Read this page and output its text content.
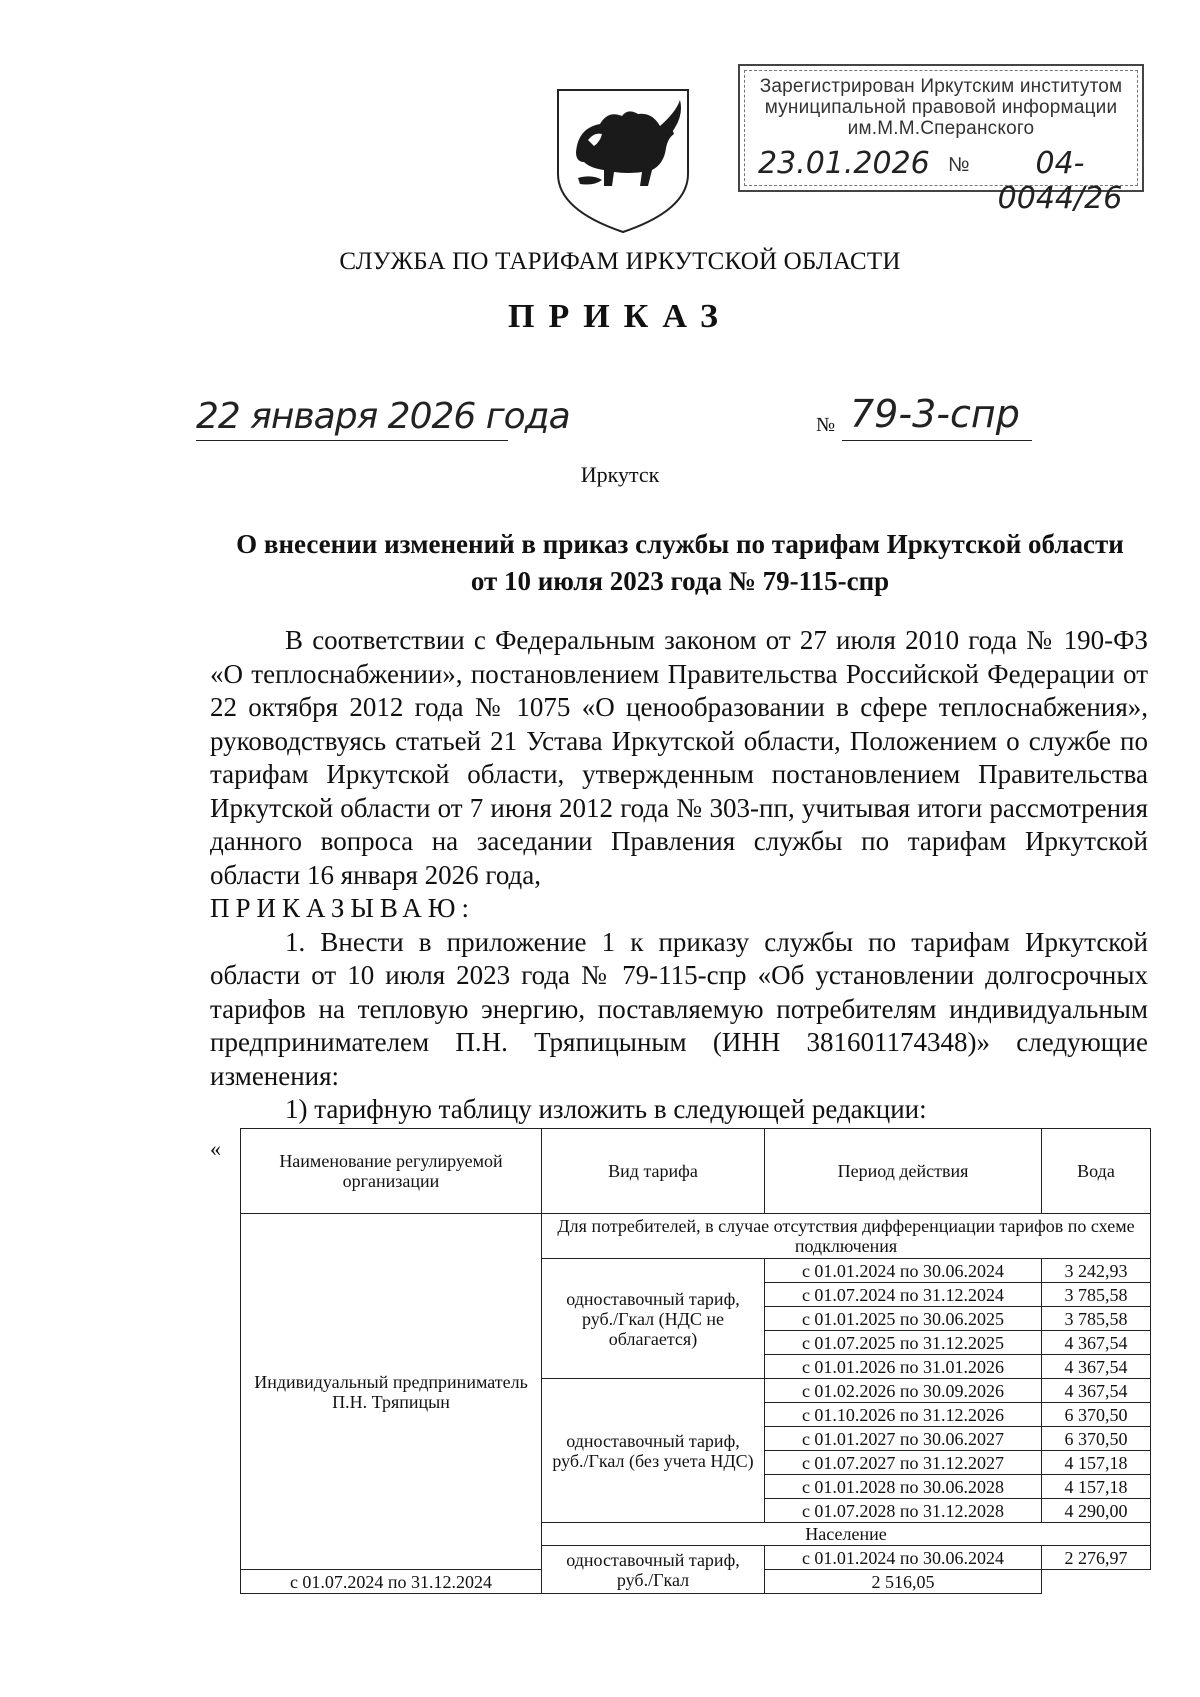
Зарегистрирован Иркутским институтом
муниципальной правовой информации
им.М.М.Сперанского
23.01.2026 №	04-0044/26
СЛУЖБА ПО ТАРИФАМ ИРКУТСКОЙ ОБЛАСТИ
ПРИКАЗ
22 января 2026 года	№ 79-3-спр
Иркутск
О внесении изменений в приказ службы по тарифам Иркутской области
от 10 июля 2023 года № 79-115-спр

В соответствии с Федеральным законом от 27 июля 2010 года № 190-ФЗ «О теплоснабжении», постановлением Правительства Российской Федерации от 22 октября 2012 года № 1075 «О ценообразовании в сфере теплоснабжения», руководствуясь статьей 21 Устава Иркутской области, Положением о службе по тарифам Иркутской области, утвержденным постановлением Правительства Иркутской области от 7 июня 2012 года № 303-пп, учитывая итоги рассмотрения данного вопроса на заседании Правления службы по тарифам Иркутской области 16 января 2026 года,

ПРИКАЗЫВАЮ:

1. Внести в приложение 1 к приказу службы по тарифам Иркутской области от 10 июля 2023 года № 79-115-спр «Об установлении долгосрочных тарифов на тепловую энергию, поставляемую потребителям индивидуальным предпринимателем П.Н. Тряпицыным (ИНН 381601174348)» следующие изменения:

1) тарифную таблицу изложить в следующей редакции:

«	Наименование регулируемой организации	Вид тарифа	Период действия	Вода
Индивидуальный предприниматель П.Н. Тряпицын	Для потребителей, в случае отсутствия дифференциации тарифов по схеме подключения		
	одноставочный тариф, руб./Гкал (НДС не облагается)	с 01.01.2024 по 30.06.2024	3 242,93
		с 01.07.2024 по 31.12.2024	3 785,58
		с 01.01.2025 по 30.06.2025	3 785,58
		с 01.07.2025 по 31.12.2025	4 367,54
		с 01.01.2026 по 31.01.2026	4 367,54
	одноставочный тариф, руб./Гкал (без учета НДС)	с 01.02.2026 по 30.09.2026	4 367,54
		с 01.10.2026 по 31.12.2026	6 370,50
		с 01.01.2027 по 30.06.2027	6 370,50
		с 01.07.2027 по 31.12.2027	4 157,18
		с 01.01.2028 по 30.06.2028	4 157,18
		с 01.07.2028 по 31.12.2028	4 290,00
	Население		
	одноставочный тариф, руб./Гкал	с 01.01.2024 по 30.06.2024	2 276,97
с 01.07.2024 по 31.12.2024		2 516,05	
